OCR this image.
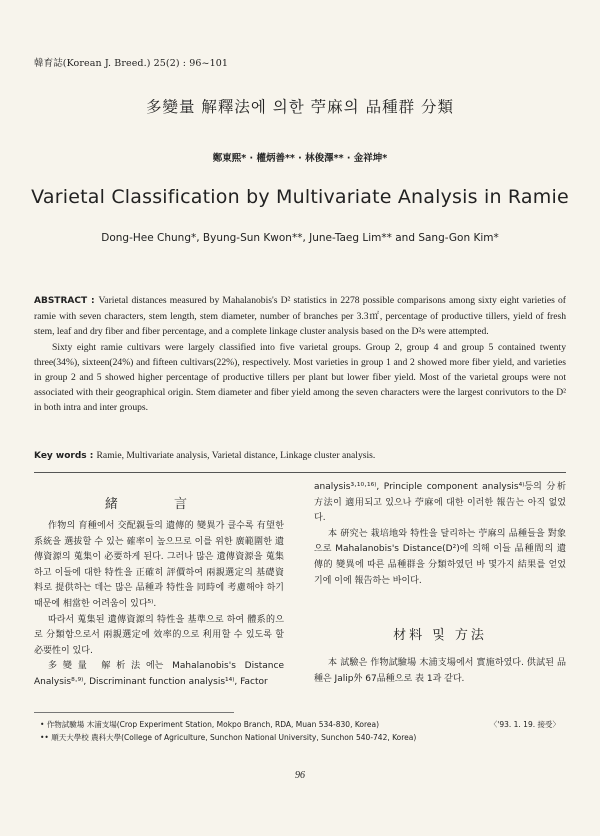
韓育誌(Korean J. Breed.) 25(2) : 96~101
多變量 解釋法에 의한 苧麻의 品種群 分類
鄭東熙* · 權炳善** · 林俊澤** · 金祥坤*
Varietal Classification by Multivariate Analysis in Ramie
Dong-Hee Chung*, Byung-Sun Kwon**, June-Taeg Lim** and Sang-Gon Kim*

ABSTRACT : Varietal distances measured by Mahalanobis's D² statistics in 2278 possible comparisons among sixty eight varieties of ramie with seven characters, stem length, stem diameter, number of branches per 3.3㎡, percentage of productive tillers, yield of fresh stem, leaf and dry fiber and fiber percentage, and a complete linkage cluster analysis based on the D²s were attempted.

Sixty eight ramie cultivars were largely classified into five varietal groups. Group 2, group 4 and group 5 contained twenty three(34%), sixteen(24%) and fifteen cultivars(22%), respectively. Most varieties in group 1 and 2 showed more fiber yield, and varieties in group 2 and 5 showed higher percentage of productive tillers per plant but lower fiber yield. Most of the varietal groups were not associated with their geographical origin. Stem diameter and fiber yield among the seven characters were the largest conrivutors to the D² in both intra and inter groups.

Key words : Ramie, Multivariate analysis, Varietal distance, Linkage cluster analysis.
緒 言

作物의 育種에서 交配親들의 遺傳的 變異가 클수록 有望한 系統을 選拔할 수 있는 確率이 높으므로 이를 위한 廣範圍한 遺傳資源의 蒐集이 必要하게 된다. 그러나 많은 遺傳資源을 蒐集하고 이들에 대한 特性을 正確히 評價하여 兩親選定의 基礎資料로 提供하는 데는 많은 品種과 特性을 同時에 考慮해야 하기 때문에 相當한 어려움이 있다⁵⁾.

따라서 蒐集된 遺傳資源의 特性을 基準으로 하여 體系的으로 分類함으로서 兩親選定에 效率的으로 利用할 수 있도록 할 必要性이 있다.

多變量 解析法에는 Mahalanobis's Distance Analysis⁸·⁹⁾, Discriminant function analysis¹⁴⁾, Factor

analysis³·¹⁰·¹⁶⁾, Principle component analysis⁴⁾등의 分析 方法이 適用되고 있으나 苧麻에 대한 이러한 報告는 아직 없었다.

本 硏究는 栽培地와 特性을 달리하는 苧麻의 品種들을 對象으로 Mahalanobis's Distance(D²)에 의해 이들 品種間의 遺傳的 變異에 따른 品種群을 分類하였던 바 몇가지 結果를 얻었기에 이에 報告하는 바이다.

材料 및 方法

本 試驗은 作物試驗場 木浦支場에서 實施하였다. 供試된 品種은 Jalip外 67品種으로 表 1과 같다.

• 作物試驗場 木浦支場(Crop Experiment Station, Mokpo Branch, RDA, Muan 534-830, Korea)	〈'93. 1. 19. 接受〉
•• 順天大學校 農科大學(College of Agriculture, Sunchon National University, Sunchon 540-742, Korea)
96
